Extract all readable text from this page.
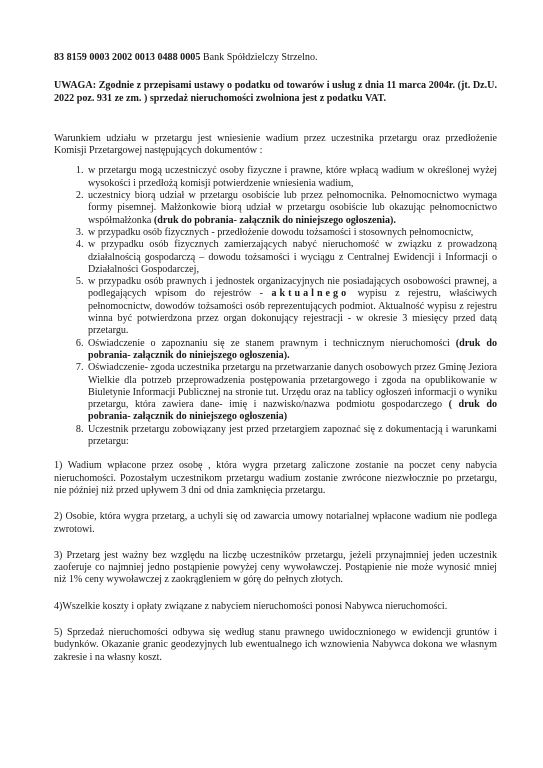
83 8159 0003 2002 0013 0488 0005 Bank Spółdzielczy Strzelno.

UWAGA: Zgodnie z przepisami ustawy o podatku od towarów i usług z dnia 11 marca 2004r. (jt. Dz.U. 2022 poz. 931 ze zm. ) sprzedaż nieruchomości zwolniona jest z podatku VAT.

Warunkiem udziału w przetargu jest wniesienie wadium przez uczestnika przetargu oraz przedłożenie Komisji Przetargowej następujących dokumentów :

1. w przetargu mogą uczestniczyć osoby fizyczne i prawne, które wpłacą wadium w określonej wyżej wysokości i przedłożą komisji potwierdzenie wniesienia wadium,
2. uczestnicy biorą udział w przetargu osobiście lub przez pełnomocnika. Pełnomocnictwo wymaga formy pisemnej. Małżonkowie biorą udział w przetargu osobiście lub okazując pełnomocnictwo współmałżonka (druk do pobrania- załącznik do niniejszego ogłoszenia).
3. w przypadku osób fizycznych - przedłożenie dowodu tożsamości i stosownych pełnomocnictw,
4. w przypadku osób fizycznych zamierzających nabyć nieruchomość w związku z prowadzoną działalnością gospodarczą – dowodu tożsamości i wyciągu z Centralnej Ewidencji i Informacji o Działalności Gospodarczej,
5. w przypadku osób prawnych i jednostek organizacyjnych nie posiadających osobowości prawnej, a podlegających wpisom do rejestrów - aktualnego wypisu z rejestru, właściwych pełnomocnictw, dowodów tożsamości osób reprezentujących podmiot. Aktualność wypisu z rejestru winna być potwierdzona przez organ dokonujący rejestracji - w okresie 3 miesięcy przed datą przetargu.
6. Oświadczenie o zapoznaniu się ze stanem prawnym i technicznym nieruchomości (druk do pobrania- załącznik do niniejszego ogłoszenia).
7. Oświadczenie- zgoda uczestnika przetargu na przetwarzanie danych osobowych przez Gminę Jeziora Wielkie dla potrzeb przeprowadzenia postępowania przetargowego i zgoda na opublikowanie w Biuletynie Informacji Publicznej na stronie tut. Urzędu oraz na tablicy ogłoszeń informacji o wyniku przetargu, która zawiera dane- imię i nazwisko/nazwa podmiotu gospodarczego ( druk do pobrania- załącznik do niniejszego ogłoszenia)
8. Uczestnik przetargu zobowiązany jest przed przetargiem zapoznać się z dokumentacją i warunkami przetargu:

1) Wadium wpłacone przez osobę , która wygra przetarg zaliczone zostanie na poczet ceny nabycia nieruchomości. Pozostałym uczestnikom przetargu wadium zostanie zwrócone niezwłocznie po przetargu, nie później niż przed upływem 3 dni od dnia zamknięcia przetargu.

2) Osobie, która wygra przetarg, a uchyli się od zawarcia umowy notarialnej wpłacone wadium nie podlega zwrotowi.

3) Przetarg jest ważny bez względu na liczbę uczestników przetargu, jeżeli przynajmniej jeden uczestnik zaoferuje co najmniej jedno postąpienie powyżej ceny wywoławczej. Postąpienie nie może wynosić mniej niż 1% ceny wywoławczej z zaokrągleniem w górę do pełnych złotych.

4)Wszelkie koszty i opłaty związane z nabyciem nieruchomości ponosi Nabywca nieruchomości.

5) Sprzedaż nieruchomości odbywa się według stanu prawnego uwidocznionego w ewidencji gruntów i budynków. Okazanie granic geodezyjnych lub ewentualnego ich wznowienia Nabywca dokona we własnym zakresie i na własny koszt.
